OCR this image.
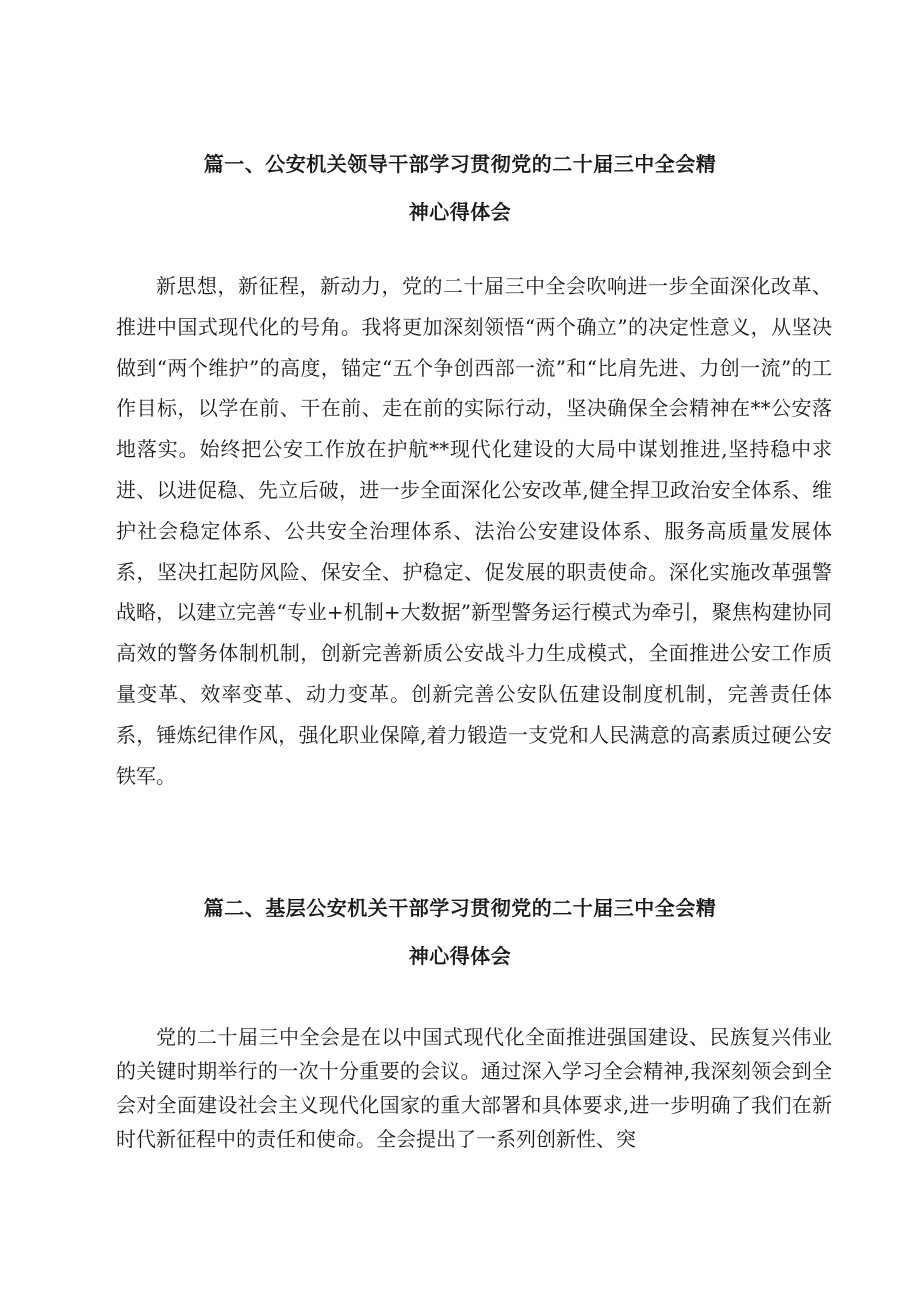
篇一、公安机关领导干部学习贯彻党的二十届三中全会精
神心得体会

新思想，新征程，新动力，党的二十届三中全会吹响进一步全面深化改革、推进中国式现代化的号角。我将更加深刻领悟“两个确立”的决定性意义，从坚决做到“两个维护”的高度，锚定“五个争创西部一流”和“比肩先进、力创一流”的工作目标，以学在前、干在前、走在前的实际行动，坚决确保全会精神在**公安落地落实。始终把公安工作放在护航**现代化建设的大局中谋划推进,坚持稳中求进、以进促稳、先立后破，进一步全面深化公安改革,健全捍卫政治安全体系、维护社会稳定体系、公共安全治理体系、法治公安建设体系、服务高质量发展体系，坚决扛起防风险、保安全、护稳定、促发展的职责使命。深化实施改革强警战略，以建立完善“专业+机制+大数据”新型警务运行模式为牵引，聚焦构建协同高效的警务体制机制，创新完善新质公安战斗力生成模式，全面推进公安工作质量变革、效率变革、动力变革。创新完善公安队伍建设制度机制，完善责任体系，锤炼纪律作风，强化职业保障,着力锻造一支党和人民满意的高素质过硬公安铁军。

篇二、基层公安机关干部学习贯彻党的二十届三中全会精
神心得体会

党的二十届三中全会是在以中国式现代化全面推进强国建设、民族复兴伟业的关键时期举行的一次十分重要的会议。通过深入学习全会精神,我深刻领会到全会对全面建设社会主义现代化国家的重大部署和具体要求,进一步明确了我们在新时代新征程中的责任和使命。全会提出了一系列创新性、突
